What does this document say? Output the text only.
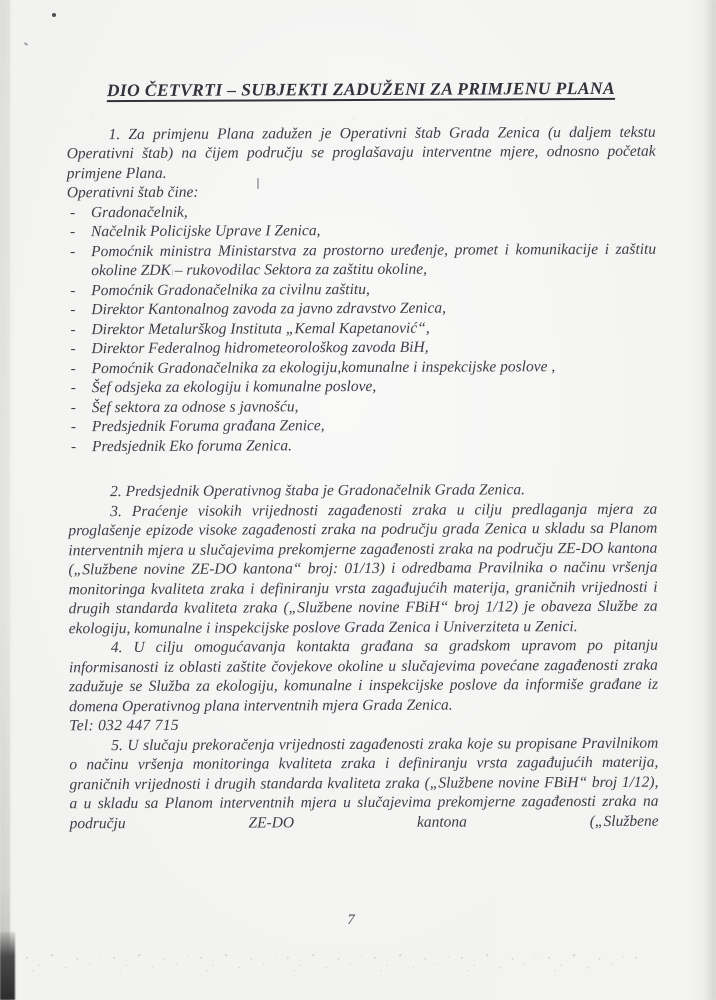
DIO ČETVRTI – SUBJEKTI ZADUŽENI ZA PRIMJENU PLANA

1. Za primjenu Plana zadužen je Operativni štab Grada Zenica (u daljem tekstu Operativni štab) na čijem području se proglašavaju interventne mjere, odnosno početak primjene Plana.

Operativni štab čine:

- Gradonačelnik,
- Načelnik Policijske Uprave I Zenica,
- Pomoćnik ministra Ministarstva za prostorno uređenje, promet i komunikacije i zaštitu okoline ZDK – rukovodilac Sektora za zaštitu okoline,
- Pomoćnik Gradonačelnika za civilnu zaštitu,
- Direktor Kantonalnog zavoda za javno zdravstvo Zenica,
- Direktor Metalurškog Instituta „Kemal Kapetanović“,
- Direktor Federalnog hidrometeorološkog zavoda BiH,
- Pomoćnik Gradonačelnika za ekologiju,komunalne i inspekcijske poslove ,
- Šef odsjeka za ekologiju i komunalne poslove,
- Šef sektora za odnose s javnošću,
- Predsjednik Foruma građana Zenice,
- Predsjednik Eko foruma Zenica.

2. Predsjednik Operativnog štaba je Gradonačelnik Grada Zenica.

3. Praćenje visokih vrijednosti zagađenosti zraka u cilju predlaganja mjera za proglašenje epizode visoke zagađenosti zraka na području grada Zenica u skladu sa Planom interventnih mjera u slučajevima prekomjerne zagađenosti zraka na području ZE-DO kantona („Službene novine ZE-DO kantona“ broj: 01/13) i odredbama Pravilnika o načinu vršenja monitoringa kvaliteta zraka i definiranju vrsta zagađujućih materija, graničnih vrijednosti i drugih standarda kvaliteta zraka („Službene novine FBiH“ broj 1/12) je obaveza Službe za ekologiju, komunalne i inspekcijske poslove Grada Zenica i Univerziteta u Zenici.

4. U cilju omogućavanja kontakta građana sa gradskom upravom po pitanju informisanosti iz oblasti zaštite čovjekove okoline u slučajevima povećane zagađenosti zraka zadužuje se Služba za ekologiju, komunalne i inspekcijske poslove da informiše građane iz domena Operativnog plana interventnih mjera Grada Zenica.

Tel: 032 447 715

5. U slučaju prekoračenja vrijednosti zagađenosti zraka koje su propisane Pravilnikom o načinu vršenja monitoringa kvaliteta zraka i definiranju vrsta zagađujućih materija, graničnih vrijednosti i drugih standarda kvaliteta zraka („Službene novine FBiH“ broj 1/12), a u skladu sa Planom interventnih mjera u slučajevima prekomjerne zagađenosti zraka na području ZE-DO kantona („Službene

7
